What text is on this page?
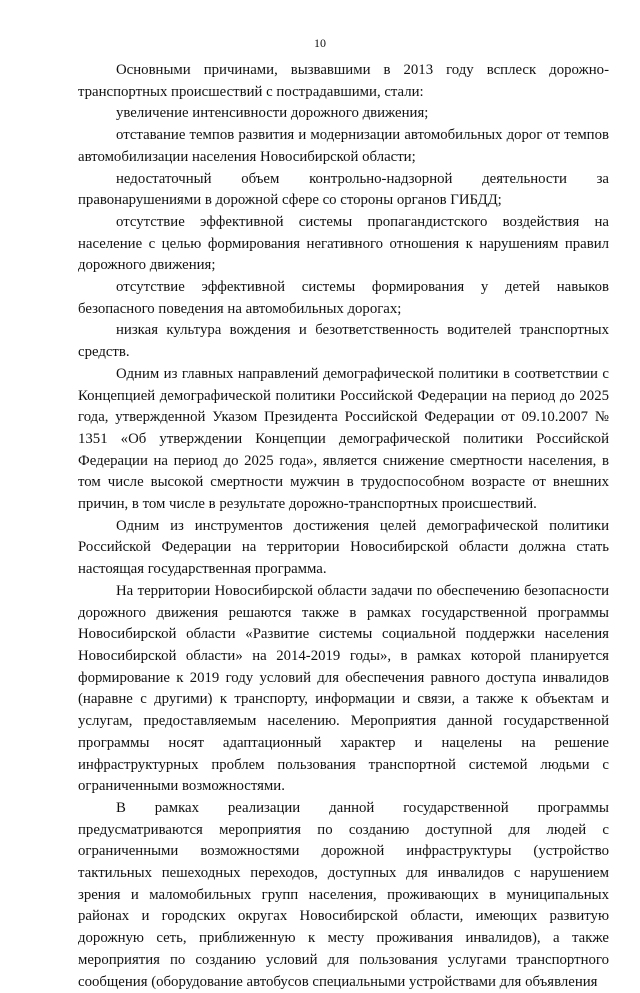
10

Основными причинами, вызвавшими в 2013 году всплеск дорожно-транспортных происшествий с пострадавшими, стали:

увеличение интенсивности дорожного движения;

отставание темпов развития и модернизации автомобильных дорог от темпов автомобилизации населения Новосибирской области;

недостаточный объем контрольно-надзорной деятельности за правонарушениями в дорожной сфере со стороны органов ГИБДД;

отсутствие эффективной системы пропагандистского воздействия на население с целью формирования негативного отношения к нарушениям правил дорожного движения;

отсутствие эффективной системы формирования у детей навыков безопасного поведения на автомобильных дорогах;

низкая культура вождения и безответственность водителей транспортных средств.

Одним из главных направлений демографической политики в соответствии с Концепцией демографической политики Российской Федерации на период до 2025 года, утвержденной Указом Президента Российской Федерации от 09.10.2007 № 1351 «Об утверждении Концепции демографической политики Российской Федерации на период до 2025 года», является снижение смертности населения, в том числе высокой смертности мужчин в трудоспособном возрасте от внешних причин, в том числе в результате дорожно-транспортных происшествий.

Одним из инструментов достижения целей демографической политики Российской Федерации на территории Новосибирской области должна стать настоящая государственная программа.

На территории Новосибирской области задачи по обеспечению безопасности дорожного движения решаются также в рамках государственной программы Новосибирской области «Развитие системы социальной поддержки населения Новосибирской области» на 2014-2019 годы», в рамках которой планируется формирование к 2019 году условий для обеспечения равного доступа инвалидов (наравне с другими) к транспорту, информации и связи, а также к объектам и услугам, предоставляемым населению. Мероприятия данной государственной программы носят адаптационный характер и нацелены на решение инфраструктурных проблем пользования транспортной системой людьми с ограниченными возможностями.

В рамках реализации данной государственной программы предусматриваются мероприятия по созданию доступной для людей с ограниченными возможностями дорожной инфраструктуры (устройство тактильных пешеходных переходов, доступных для инвалидов с нарушением зрения и маломобильных групп населения, проживающих в муниципальных районах и городских округах Новосибирской области, имеющих развитую дорожную сеть, приближенную к месту проживания инвалидов), а также мероприятия по созданию условий для пользования услугами транспортного сообщения (оборудование автобусов специальными устройствами для объявления
